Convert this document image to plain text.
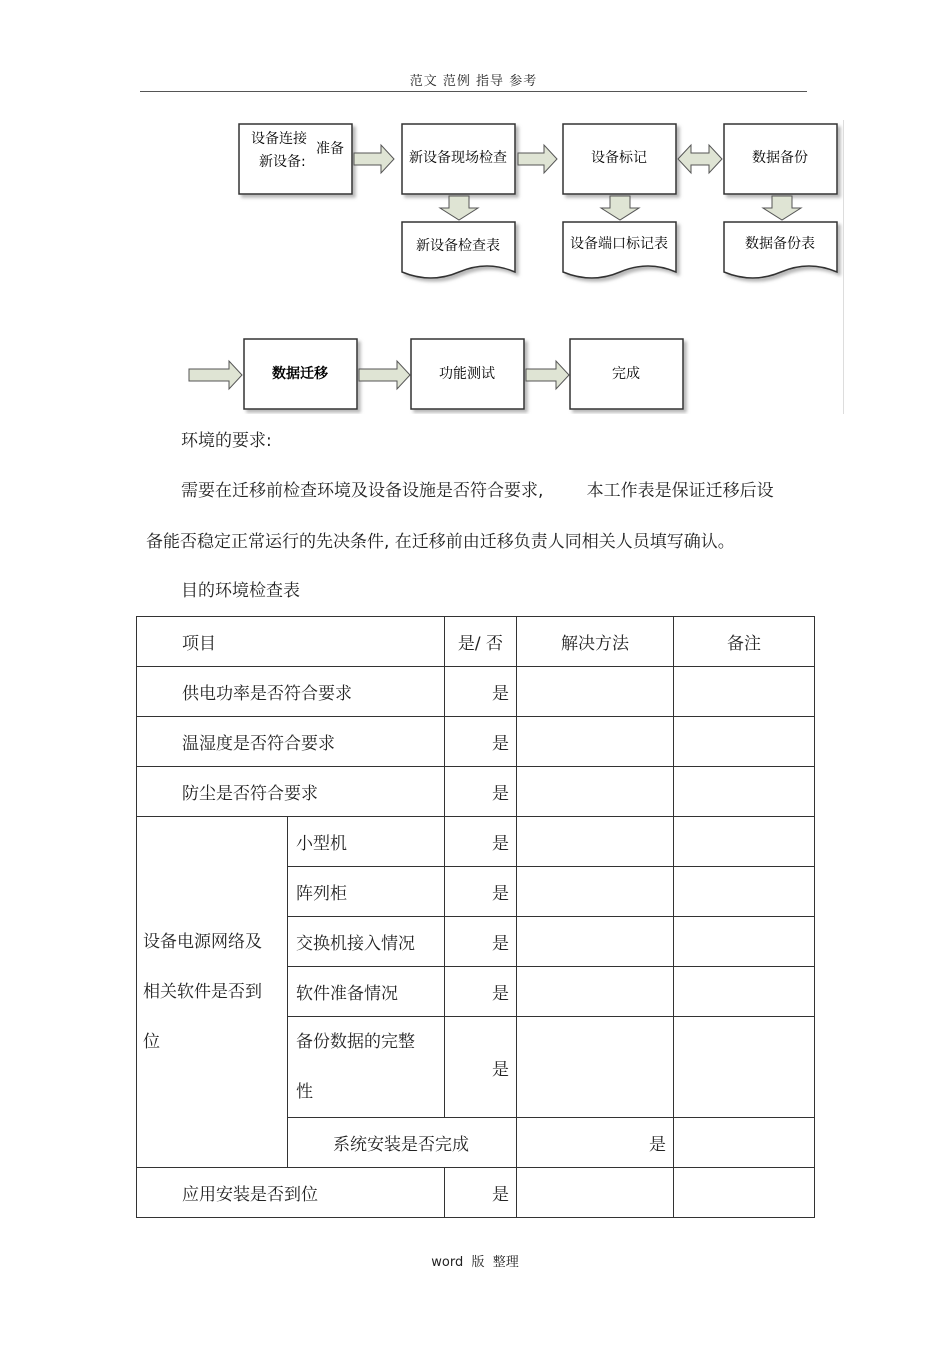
范文 范例 指导 参考
设备连接
新设备:
准备
新设备现场检查	设备标记	数据备份
新设备检查表	设备端口标记表	数据备份表
数据迁移	功能测试	完成
环境的要求:
需要在迁移前检查环境及设备设施是否符合要求,        本工作表是保证迁移后设
备能否稳定正常运行的先决条件, 在迁移前由迁移负责人同相关人员填写确认。
目的环境检查表
项目		是/ 否	解决方法	备注	
供电功率是否符合要求		是			
温湿度是否符合要求		是			
防尘是否符合要求		是			

设备电源网络及
相关软件是否到
位	小型机	是			
	阵列柜	是			
	交换机接入情况	是			
	软件准备情况	是			

	备份数据的完整
性	是			
	系统安装是否完成		是		
应用安装是否到位		是			
word  版  整理
